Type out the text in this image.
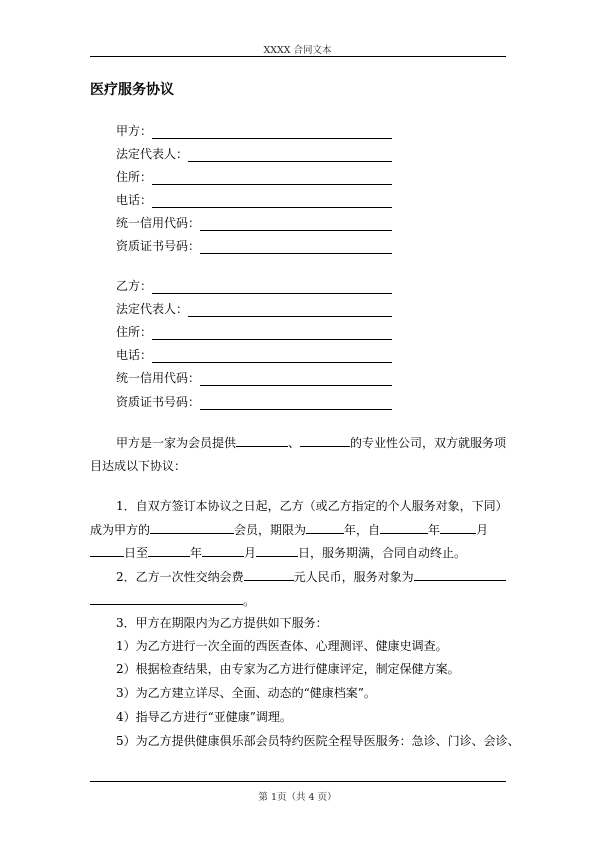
XXXX 合同文本
医疗服务协议
甲方：
法定代表人：
住所：
电话：
统一信用代码：
资质证书号码：
乙方：
法定代表人：
住所：
电话：
统一信用代码：
资质证书号码：
甲方是一家为会员提供	、	的专业性公司，双方就服务项
目达成以下协议：
1．自双方签订本协议之日起，乙方（或乙方指定的个人服务对象，下同）
成为甲方的	会员，期限为	年，自	年	月
日至	年	月	日，服务期满，合同自动终止。
2．乙方一次性交纳会费	元人民币，服务对象为
。
3．甲方在期限内为乙方提供如下服务：
1）为乙方进行一次全面的西医查体、心理测评、健康史调查。
2）根据检查结果，由专家为乙方进行健康评定，制定保健方案。
3）为乙方建立详尽、全面、动态的“健康档案”。
4）指导乙方进行“亚健康”调理。
5）为乙方提供健康俱乐部会员特约医院全程导医服务：急诊、门诊、会诊、
第 1页（共 4 页）
